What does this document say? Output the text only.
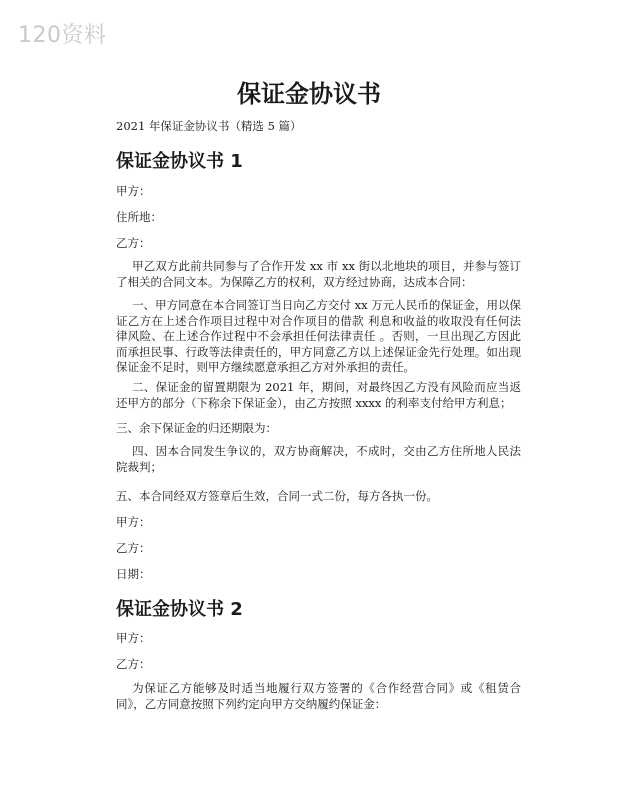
120资料
保证金协议书
2021 年保证金协议书（精选 5 篇）
保证金协议书 1
甲方：
住所地：
乙方：
甲乙双方此前共同参与了合作开发 xx 市 xx 街以北地块的项目，并参与签订了相关的合同文本。为保障乙方的权利，双方经过协商，达成本合同：
一、甲方同意在本合同签订当日向乙方交付 xx 万元人民币的保证金，用以保证乙方在上述合作项目过程中对合作项目的借款 利息和收益的收取没有任何法律风险、在上述合作过程中不会承担任何法律责任 。否则，一旦出现乙方因此而承担民事、行政等法律责任的，甲方同意乙方以上述保证金先行处理。如出现保证金不足时，则甲方继续愿意承担乙方对外承担的责任。
二、保证金的留置期限为 2021 年，期间，对最终因乙方没有风险而应当返还甲方的部分（下称余下保证金），由乙方按照 xxxx 的利率支付给甲方利息；
三、余下保证金的归还期限为：
四、因本合同发生争议的，双方协商解决，不成时，交由乙方住所地人民法院裁判；
五、本合同经双方签章后生效，合同一式二份，每方各执一份。
甲方：
乙方：
日期：
保证金协议书 2
甲方：
乙方：
为保证乙方能够及时适当地履行双方签署的《合作经营合同》或《租赁合同》，乙方同意按照下列约定向甲方交纳履约保证金：
